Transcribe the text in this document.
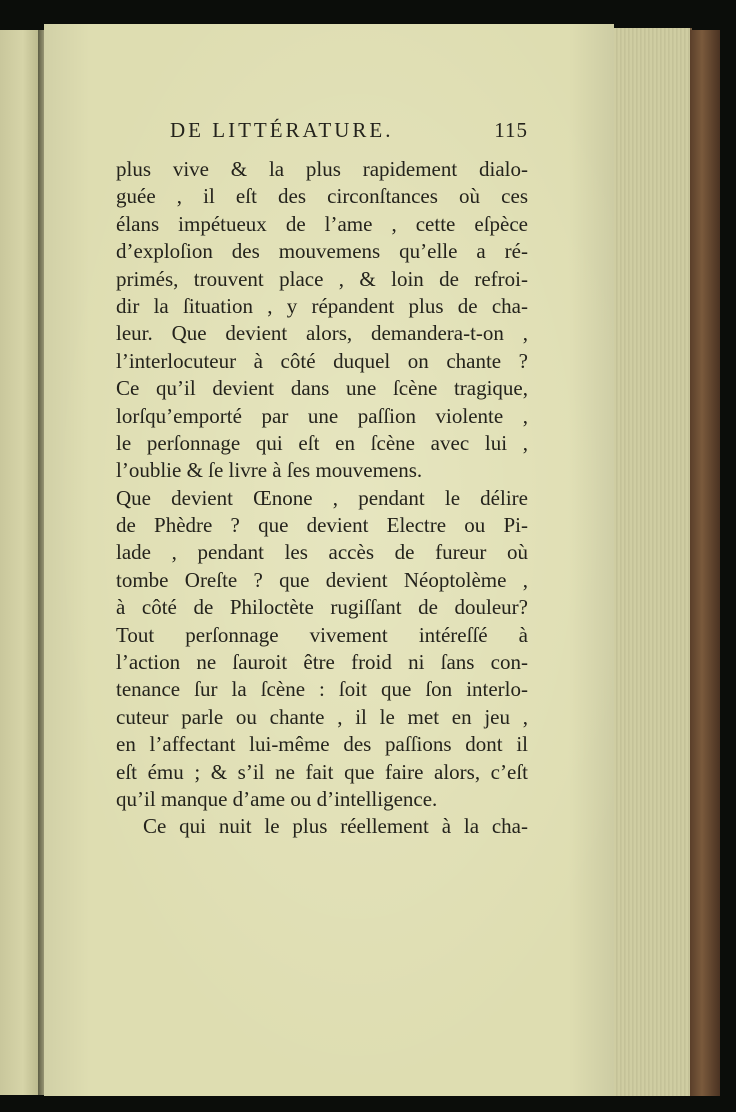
DE LITTÉRATURE.	115
plus vive & la plus rapidement dialo-
guée , il eſt des circonſtances où ces
élans impétueux de l’ame , cette eſpèce
d’exploſion des mouvemens qu’elle a ré-
primés, trouvent place , & loin de refroi-
dir la ſituation , y répandent plus de cha-
leur. Que devient alors, demandera-t-on ,
l’interlocuteur à côté duquel on chante ?
Ce qu’il devient dans une ſcène tragique,
lorſqu’emporté par une paſſion violente ,
le perſonnage qui eſt en ſcène avec lui ,
l’oublie & ſe livre à ſes mouvemens.
Que devient Œnone , pendant le délire
de Phèdre ? que devient Electre ou Pi-
lade , pendant les accès de fureur où
tombe Oreſte ? que devient Néoptolème ,
à côté de Philoctète rugiſſant de douleur?
Tout perſonnage vivement intéreſſé à
l’action ne ſauroit être froid ni ſans con-
tenance ſur la ſcène : ſoit que ſon interlo-
cuteur parle ou chante , il le met en jeu ,
en l’affectant lui-même des paſſions dont il
eſt ému ; & s’il ne fait que faire alors, c’eſt
qu’il manque d’ame ou d’intelligence.
Ce qui nuit le plus réellement à la cha-
